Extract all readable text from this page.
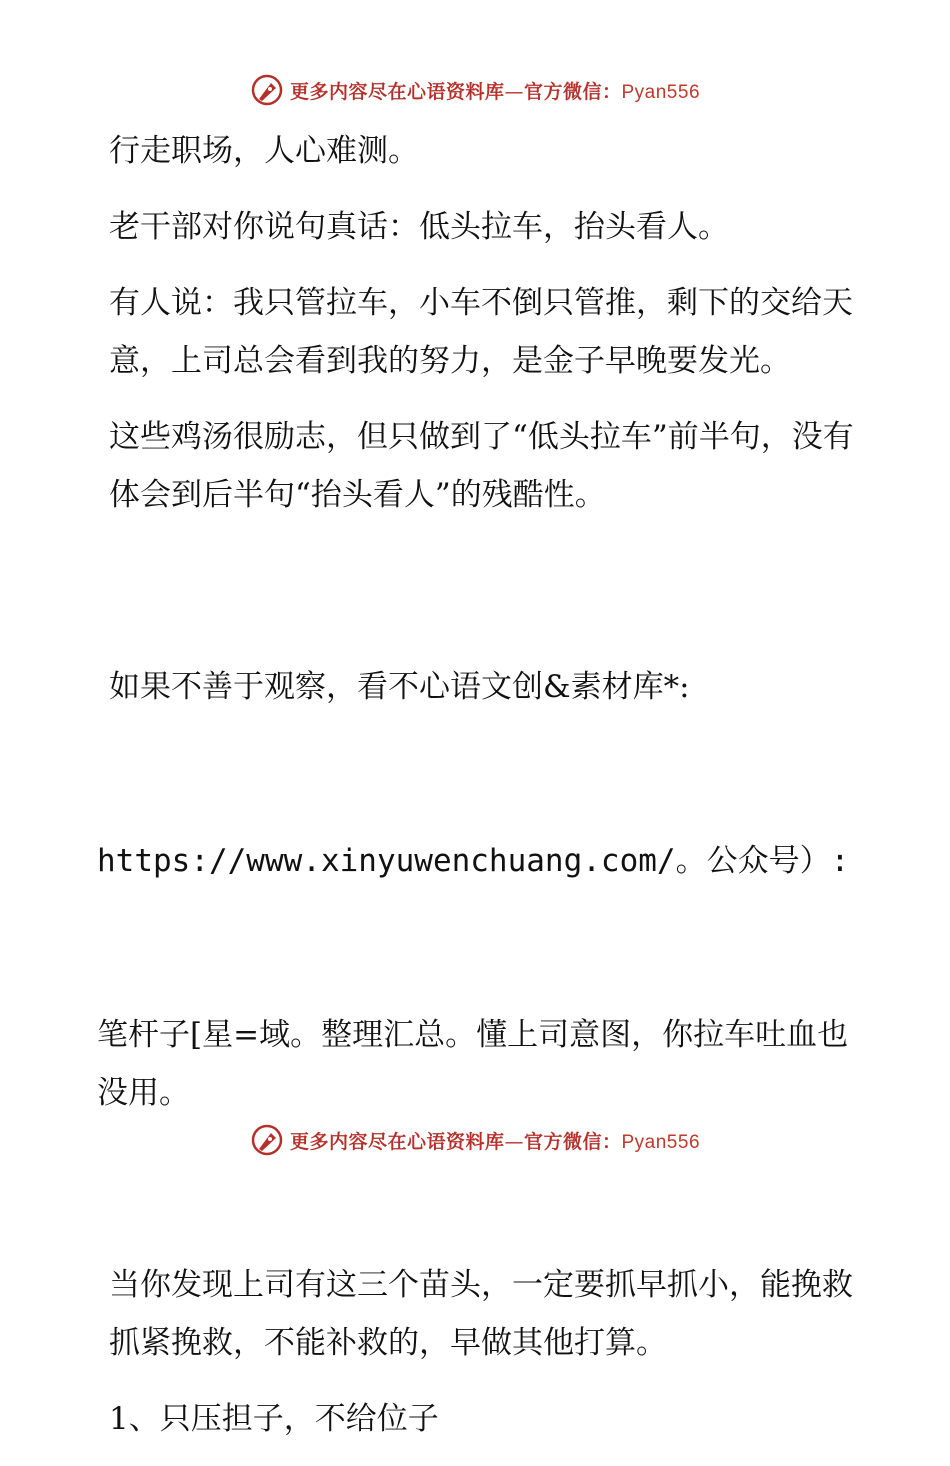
更多内容尽在心语资料库—官方微信：Pyan556

行走职场，人心难测。

老干部对你说句真话：低头拉车，抬头看人。

有人说：我只管拉车，小车不倒只管推，剩下的交给天意，上司总会看到我的努力，是金子早晚要发光。

这些鸡汤很励志，但只做到了“低头拉车”前半句，没有体会到后半句“抬头看人”的残酷性。

如果不善于观察，看不心语文创&素材库*:

https://www.xinyuwenchuang.com/。公众号）:

笔杆子[星=域。整理汇总。懂上司意图，你拉车吐血也没用。

当你发现上司有这三个苗头，一定要抓早抓小，能挽救抓紧挽救，不能补救的，早做其他打算。

1、只压担子，不给位子

更多内容尽在心语资料库—官方微信：Pyan556
